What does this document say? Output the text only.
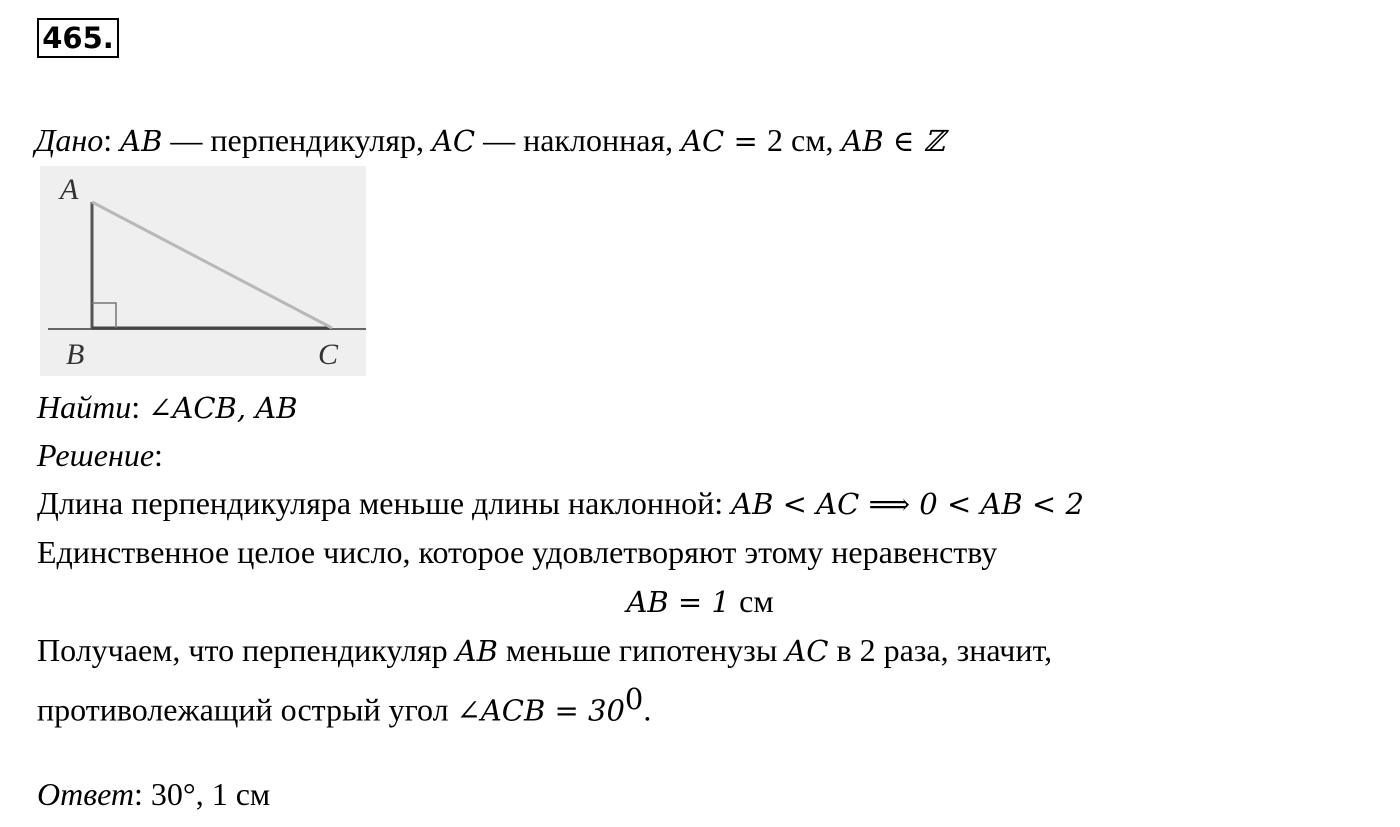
465.
Дано: AB — перпендикуляр, AC — наклонная, AC = 2 см, AB ∈ ℤ
A
B	C
Найти: ∠ACB, AB
Решение:
Длина перпендикуляра меньше длины наклонной: AB < AC ⟹ 0 < AB < 2
Единственное целое число, которое удовлетворяют этому неравенству
AB = 1 см
Получаем, что перпендикуляр AB меньше гипотенузы AC в 2 раза, значит,
противолежащий острый угол ∠ACB = $30^0$.
Ответ: 30°, 1 см
